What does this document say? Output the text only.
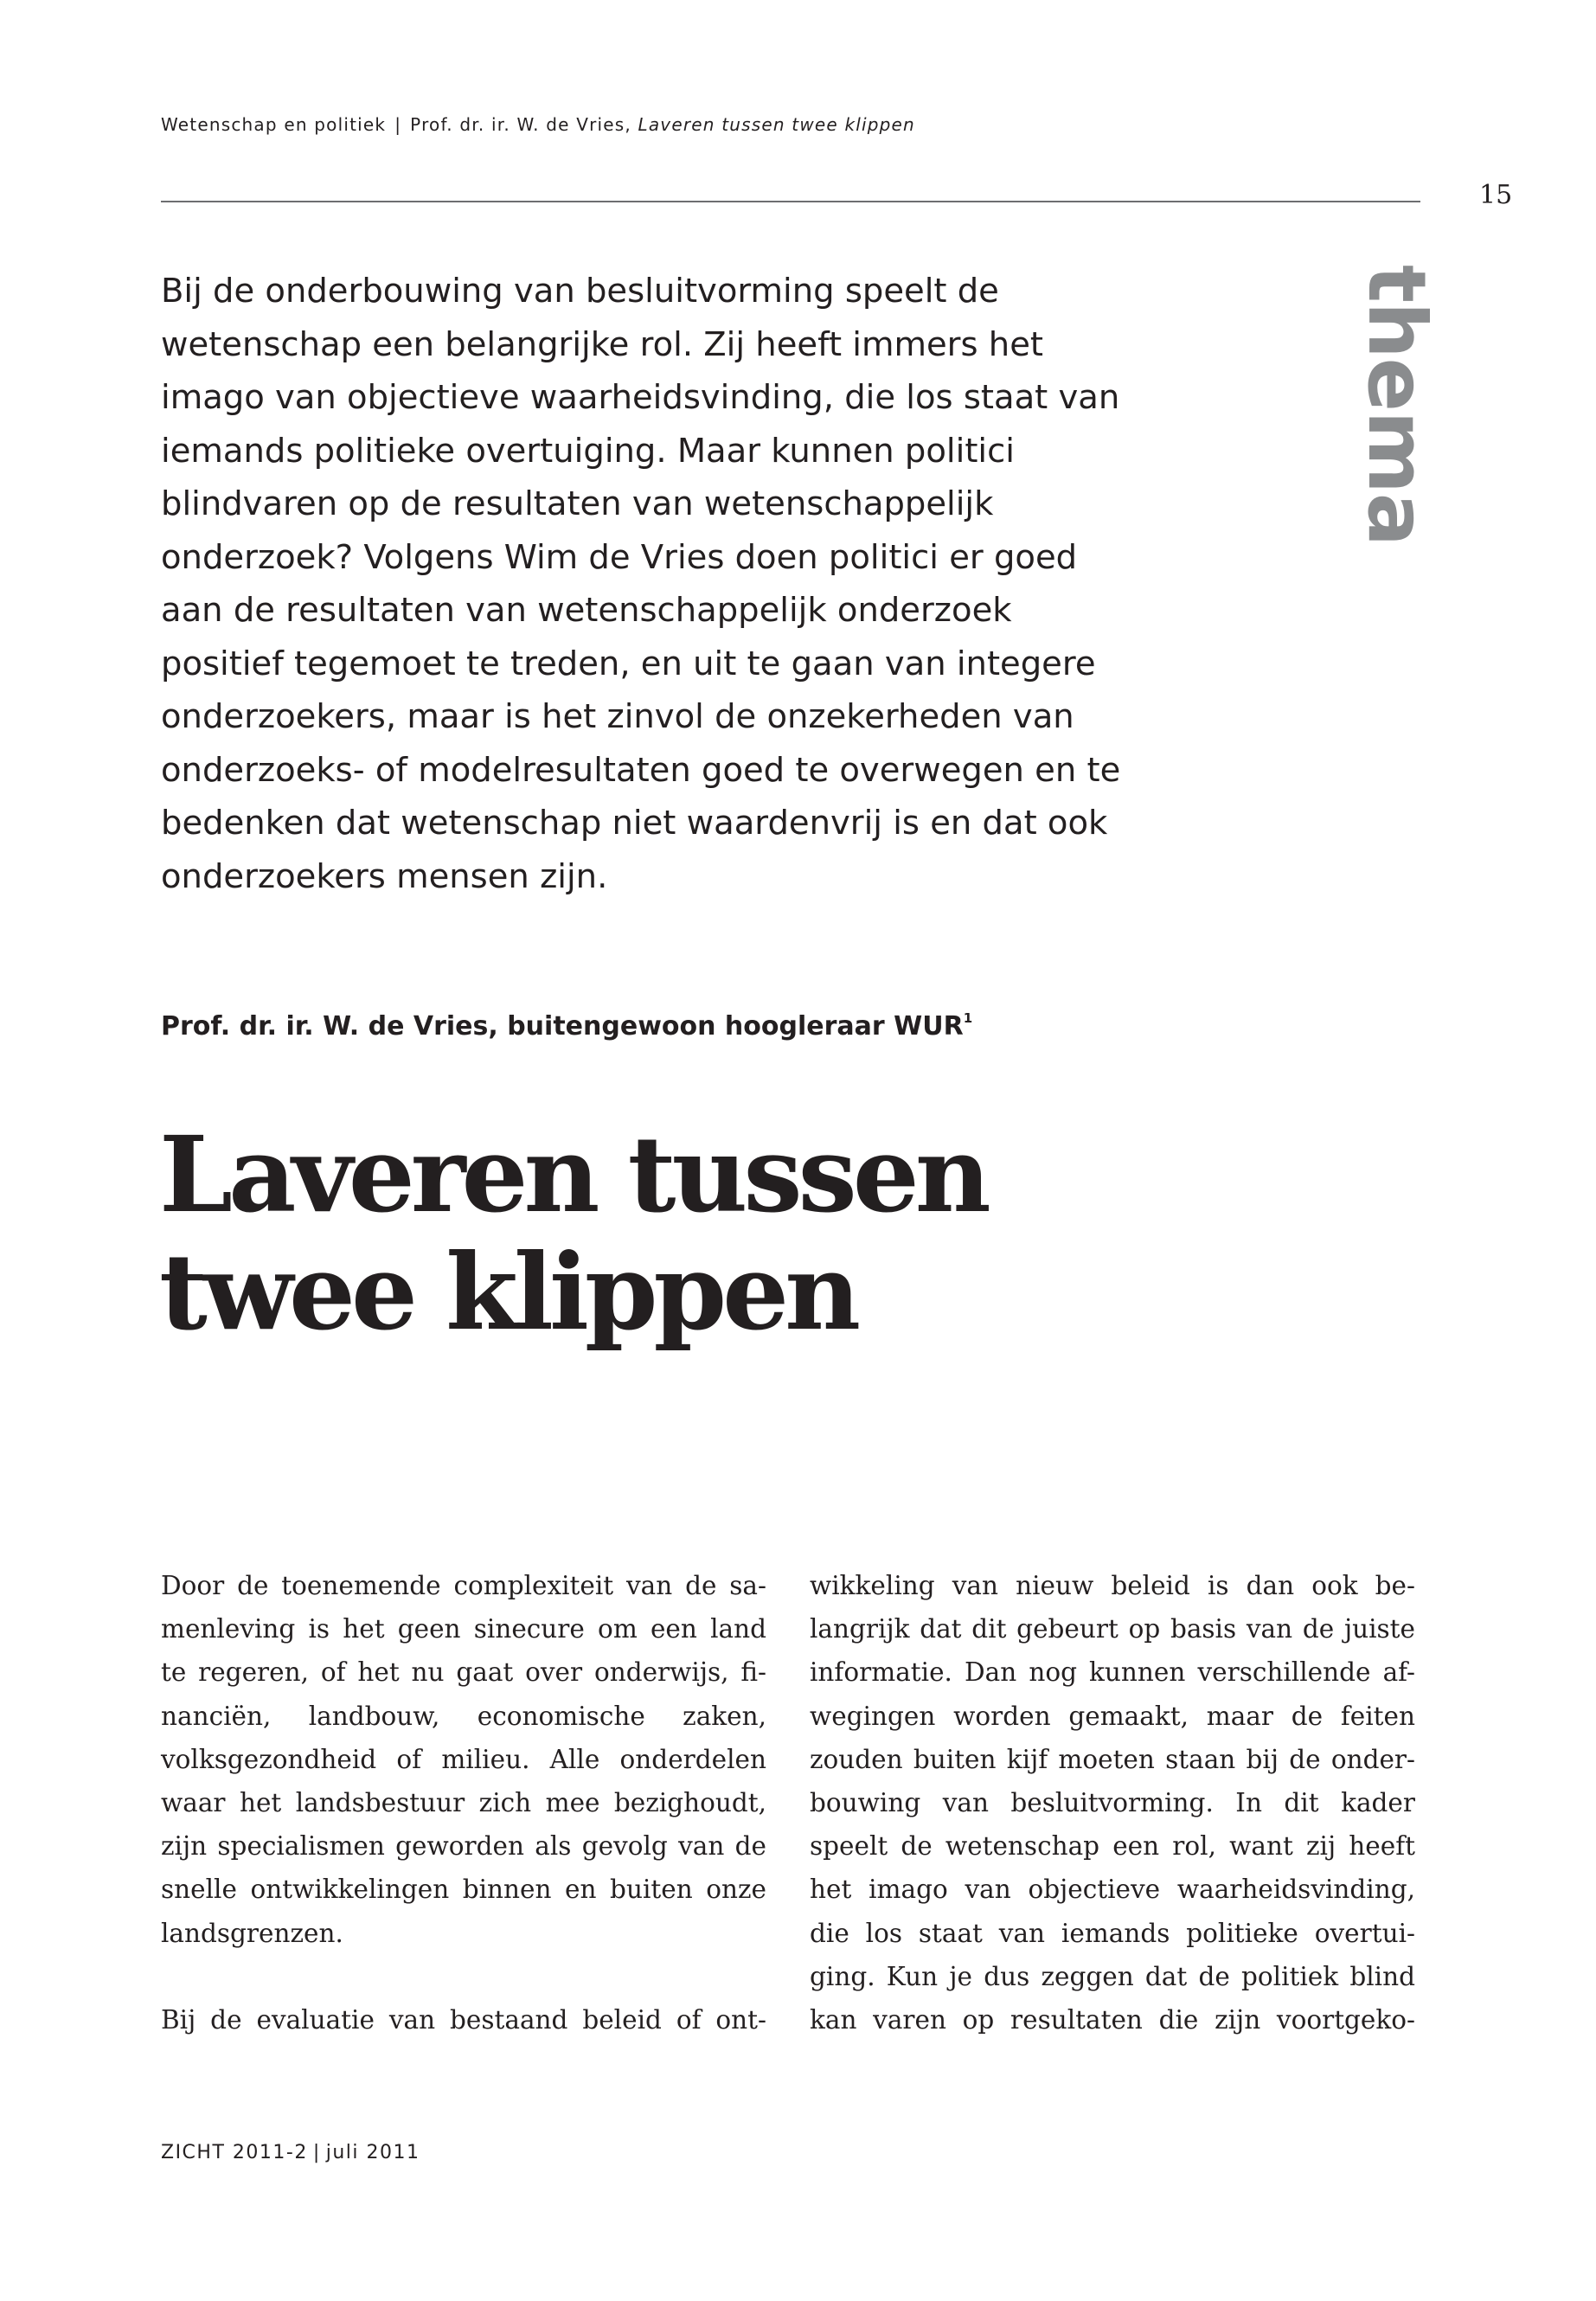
Wetenschap en politiek | Prof. dr. ir. W. de Vries, Laveren tussen twee klippen
15

Bij de onderbouwing van besluitvorming speelt de
wetenschap een belangrijke rol. Zij heeft immers het
imago van objectieve waarheidsvinding, die los staat van
iemands politieke overtuiging. Maar kunnen politici
blindvaren op de resultaten van wetenschappelijk
onderzoek? Volgens Wim de Vries doen politici er goed
aan de resultaten van wetenschappelijk onderzoek
positief tegemoet te treden, en uit te gaan van integere
onderzoekers, maar is het zinvol de onzekerheden van
onderzoeks- of modelresultaten goed te overwegen en te
bedenken dat wetenschap niet waardenvrij is en dat ook
onderzoekers mensen zijn.

thema
Prof. dr. ir. W. de Vries, buitengewoon hoogleraar WUR$^1$
Laveren tussen
twee klippen
Door de toenemende complexiteit van de sa-
menleving is het geen sinecure om een land
te regeren, of het nu gaat over onderwijs, fi-
nanciën, landbouw, economische zaken,
volksgezondheid of milieu. Alle onderdelen
waar het landsbestuur zich mee bezighoudt,
zijn specialismen geworden als gevolg van de
snelle ontwikkelingen binnen en buiten onze
landsgrenzen.
Bij de evaluatie van bestaand beleid of ont-
wikkeling van nieuw beleid is dan ook be-
langrijk dat dit gebeurt op basis van de juiste
informatie. Dan nog kunnen verschillende af-
wegingen worden gemaakt, maar de feiten
zouden buiten kijf moeten staan bij de onder-
bouwing van besluitvorming. In dit kader
speelt de wetenschap een rol, want zij heeft
het imago van objectieve waarheidsvinding,
die los staat van iemands politieke overtui-
ging. Kun je dus zeggen dat de politiek blind
kan varen op resultaten die zijn voortgeko-
ZICHT 2011-2 | juli 2011
